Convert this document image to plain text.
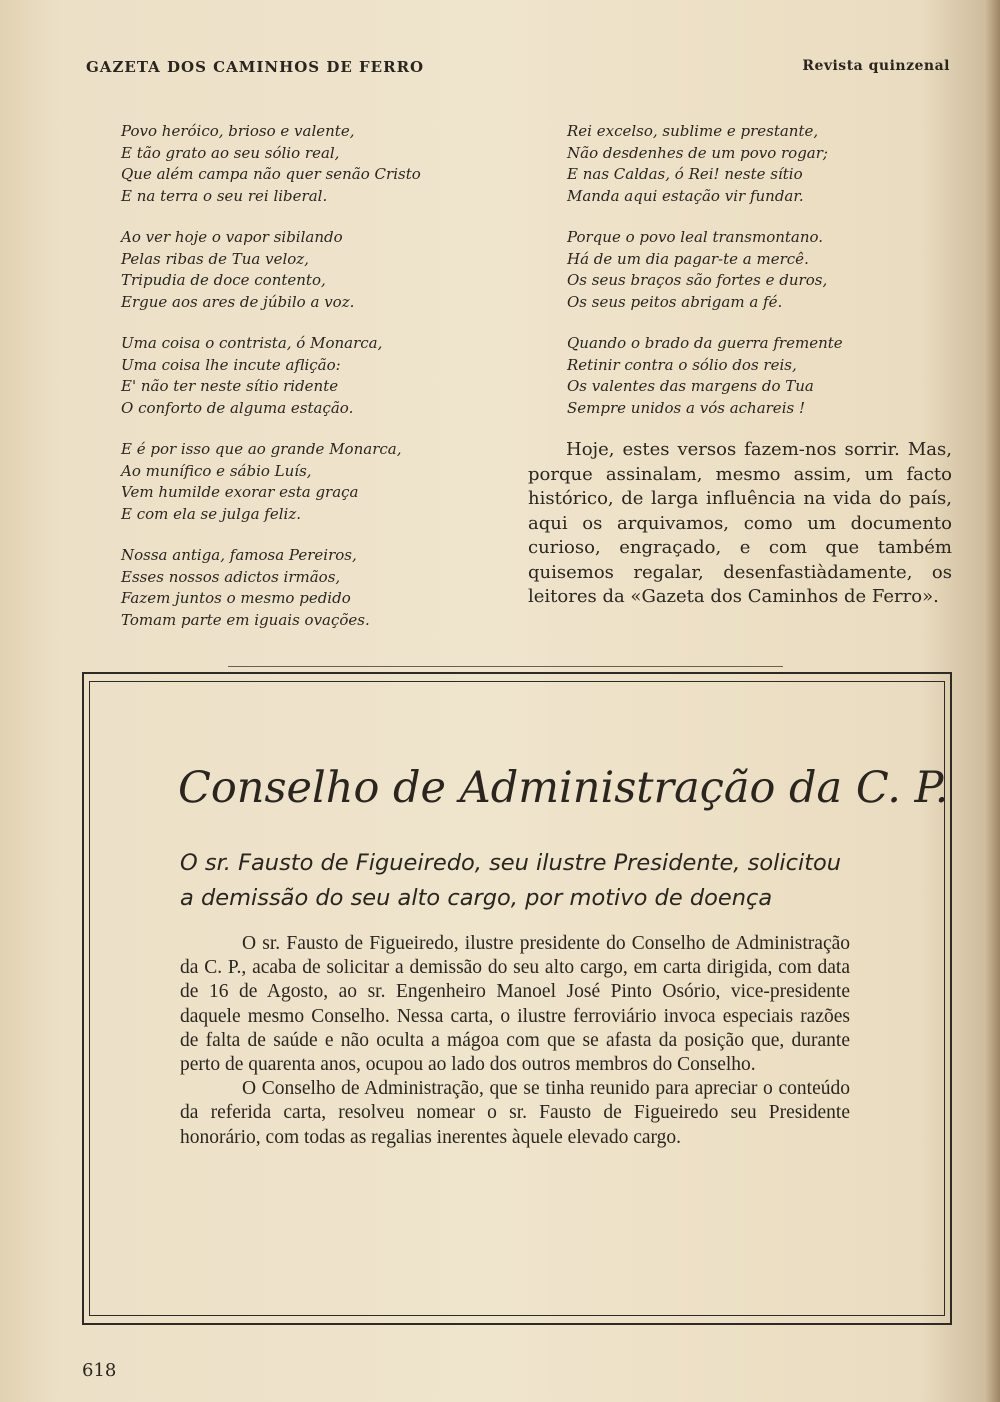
GAZETA DOS CAMINHOS DE FERRO	Revista quinzenal
Povo heróico, brioso e valente,
E tão grato ao seu sólio real,
Que além campa não quer senão Cristo
E na terra o seu rei liberal.
Ao ver hoje o vapor sibilando
Pelas ribas de Tua veloz,
Tripudia de doce contento,
Ergue aos ares de júbilo a voz.
Uma coisa o contrista, ó Monarca,
Uma coisa lhe incute aflição:
E' não ter neste sítio ridente
O conforto de alguma estação.
E é por isso que ao grande Monarca,
Ao munífico e sábio Luís,
Vem humilde exorar esta graça
E com ela se julga feliz.
Nossa antiga, famosa Pereiros,
Esses nossos adictos irmãos,
Fazem juntos o mesmo pedido
Tomam parte em iguais ovações.
Rei excelso, sublime e prestante,
Não desdenhes de um povo rogar;
E nas Caldas, ó Rei! neste sítio
Manda aqui estação vir fundar.
Porque o povo leal transmontano.
Há de um dia pagar-te a mercê.
Os seus braços são fortes e duros,
Os seus peitos abrigam a fé.
Quando o brado da guerra frementе
Retinir contra o sólio dos reis,
Os valentes das margens do Tua
Sempre unidos a vós achareis !
Hoje, estes versos fazem-nos sorrir. Mas, porque assinalam, mesmo assim, um facto histórico, de larga influência na vida do país, aqui os arquivamos, como um documento curioso, engraçado, e com que também quisemos regalar, desenfastiàdamente, os leitores da «Gazeta dos Caminhos de Ferro».
Conselho de Administração da C. P.
O sr. Fausto de Figueiredo, seu ilustre Presidente, solicitou
a demissão do seu alto cargo, por motivo de doença

O sr. Fausto de Figueiredo, ilustre presidente do Conselho de Administração da C. P., acaba de solicitar a demissão do seu alto cargo, em carta dirigida, com data de 16 de Agosto, ao sr. Engenheiro Manoel José Pinto Osório, vice-presidente daquele mesmo Conselho. Nessa carta, o ilustre ferroviário invoca especiais razões de falta de saúde e não oculta a mágoa com que se afasta da posição que, durante perto de quarenta anos, ocupou ao lado dos outros membros do Conselho.

O Conselho de Administração, que se tinha reunido para apreciar o conteúdo da referida carta, resolveu nomear o sr. Fausto de Figueiredo seu Presidente honorário, com todas as regalias inerentes àquele elevado cargo.

618
